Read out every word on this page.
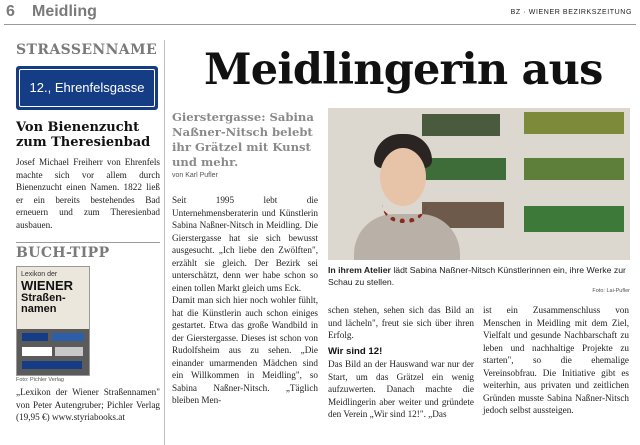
6 Meidling	BZ · WIENER BEZIRKSZEITUNG
STRASSENNAME
12., Ehrenfelsgasse
Von Bienenzucht zum Theresienbad
Josef Michael Freiherr von Ehrenfels machte sich vor allem durch Bienenzucht einen Namen. 1822 ließ er ein bereits bestehendes Bad erneuern und zum Theresienbad ausbauen.
BUCH-TIPP
Lexikon der
WIENER
Straßen-
namen
Foto: Pichler Verlag
„Lexikon der Wiener Straßennamen" von Peter Autengruber; Pichler Verlag (19,95 €) www.styriabooks.at
Meidlingerin aus
Gierstergasse: Sabina Naßner-Nitsch belebt ihr Grätzel mit Kunst und mehr.
von Karl Pufler

Seit 1995 lebt die Unternehmensberaterin und Künstlerin Sabina Naßner-Nitsch in Meidling. Die Gierstergasse hat sie sich bewusst ausgesucht. „Ich liebe den Zwölften", erzählt sie gleich. Der Bezirk sei unterschätzt, denn wer habe schon so einen tollen Markt gleich ums Eck.

Damit man sich hier noch wohler fühlt, hat die Künstlerin auch schon einiges gestartet. Etwa das große Wandbild in der Gierstergasse. Dieses ist schon von Rudolfsheim aus zu sehen. „Die einander umarmenden Mädchen sind ein Willkommen in Meidling", so Sabina Naßner-Nitsch. „Täglich bleiben Men-

In ihrem Atelier lädt Sabina Naßner-Nitsch Künstlerinnen ein, ihre Werke zur Schau zu stellen.
Foto: Lai-Pufler

schen stehen, sehen sich das Bild an und lächeln", freut sie sich über ihren Erfolg.

Wir sind 12!

Das Bild an der Hauswand war nur der Start, um das Grätzel ein wenig aufzuwerten. Danach machte die Meidlingerin aber weiter und gründete den Verein „Wir sind 12!". „Das

ist ein Zusammenschluss von Menschen in Meidling mit dem Ziel, Vielfalt und gesunde Nachbarschaft zu leben und nachhaltige Projekte zu starten", so die ehemalige Vereinsobfrau. Die Initiative gibt es weiterhin, aus privaten und zeitlichen Gründen musste Sabina Naßner-Nitsch jedoch selbst aussteigen.
